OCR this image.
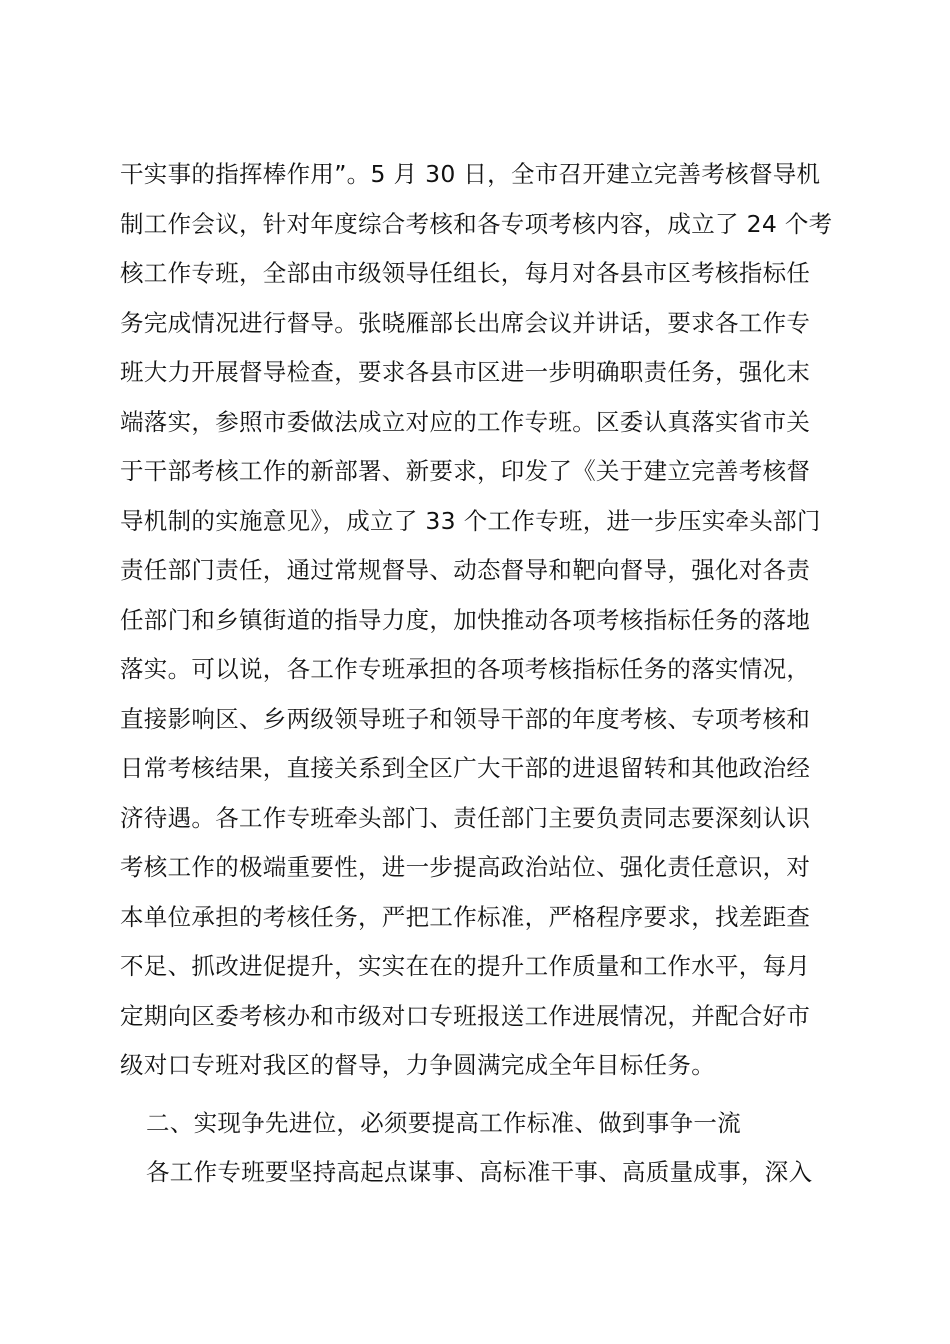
干实事的指挥棒作用”。5 月 30 日，全市召开建立完善考核督导机
制工作会议，针对年度综合考核和各专项考核内容，成立了 24 个考
核工作专班，全部由市级领导任组长，每月对各县市区考核指标任
务完成情况进行督导。张晓雁部长出席会议并讲话，要求各工作专
班大力开展督导检查，要求各县市区进一步明确职责任务，强化末
端落实，参照市委做法成立对应的工作专班。区委认真落实省市关
于干部考核工作的新部署、新要求，印发了《关于建立完善考核督
导机制的实施意见》，成立了 33 个工作专班，进一步压实牵头部门
责任部门责任，通过常规督导、动态督导和靶向督导，强化对各责
任部门和乡镇街道的指导力度，加快推动各项考核指标任务的落地
落实。可以说，各工作专班承担的各项考核指标任务的落实情况，
直接影响区、乡两级领导班子和领导干部的年度考核、专项考核和
日常考核结果，直接关系到全区广大干部的进退留转和其他政治经
济待遇。各工作专班牵头部门、责任部门主要负责同志要深刻认识
考核工作的极端重要性，进一步提高政治站位、强化责任意识，对
本单位承担的考核任务，严把工作标准，严格程序要求，找差距查
不足、抓改进促提升，实实在在的提升工作质量和工作水平，每月
定期向区委考核办和市级对口专班报送工作进展情况，并配合好市
级对口专班对我区的督导，力争圆满完成全年目标任务。
二、实现争先进位，必须要提高工作标准、做到事争一流
各工作专班要坚持高起点谋事、高标准干事、高质量成事，深入
